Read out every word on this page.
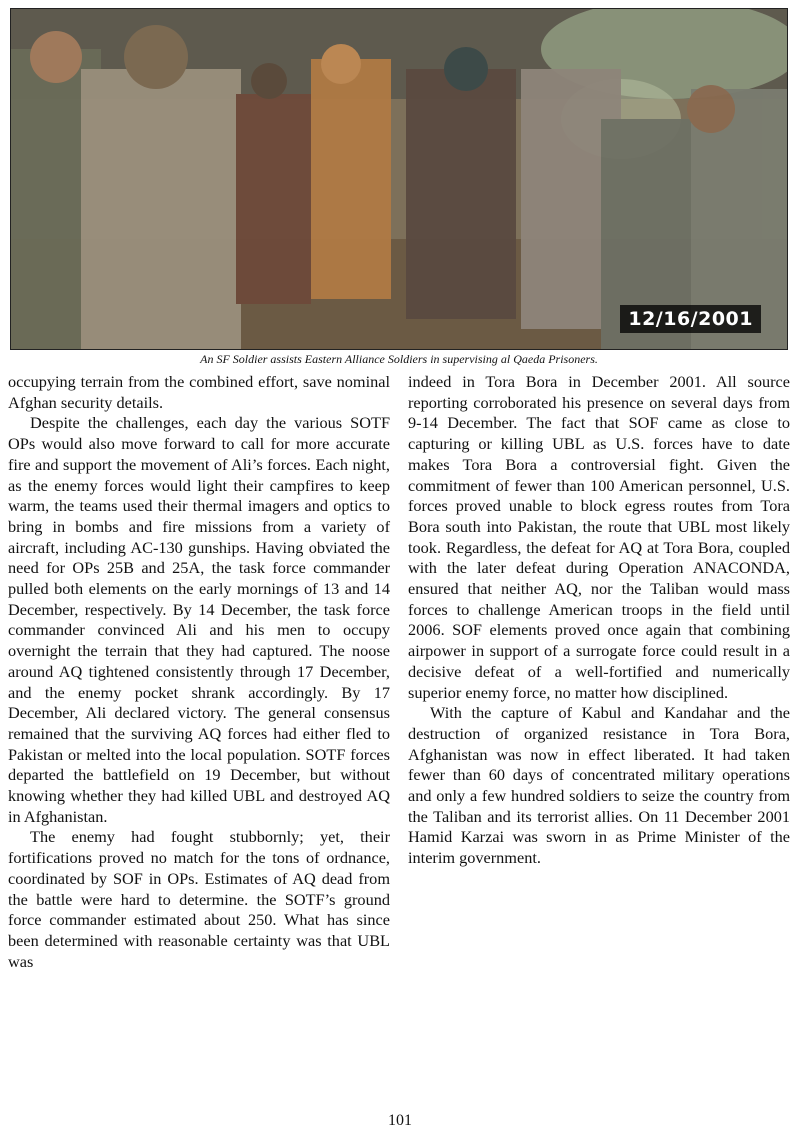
12/16/2001
An SF Soldier assists Eastern Alliance Soldiers in supervising al Qaeda Prisoners.

occupying terrain from the combined effort, save nominal Afghan security details.

Despite the challenges, each day the various SOTF OPs would also move forward to call for more accurate fire and support the movement of Ali’s forces. Each night, as the enemy forces would light their campfires to keep warm, the teams used their thermal imagers and optics to bring in bombs and fire missions from a variety of aircraft, including AC-130 gunships. Having obviated the need for OPs 25B and 25A, the task force commander pulled both elements on the early mornings of 13 and 14 December, respectively. By 14 December, the task force commander convinced Ali and his men to occupy overnight the terrain that they had captured. The noose around AQ tightened consistently through 17 December, and the enemy pocket shrank accordingly. By 17 December, Ali declared victory. The general consensus remained that the surviving AQ forces had either fled to Pakistan or melted into the local population. SOTF forces departed the battlefield on 19 December, but without knowing whether they had killed UBL and destroyed AQ in Afghanistan.

The enemy had fought stubbornly; yet, their fortifications proved no match for the tons of ordnance, coordinated by SOF in OPs. Estimates of AQ dead from the battle were hard to determine. the SOTF’s ground force commander estimated about 250. What has since been determined with reasonable certainty was that UBL was

indeed in Tora Bora in December 2001. All source reporting corroborated his presence on several days from 9-14 December. The fact that SOF came as close to capturing or killing UBL as U.S. forces have to date makes Tora Bora a controversial fight. Given the commitment of fewer than 100 American personnel, U.S. forces proved unable to block egress routes from Tora Bora south into Pakistan, the route that UBL most likely took. Regardless, the defeat for AQ at Tora Bora, coupled with the later defeat during Operation ANACONDA, ensured that neither AQ, nor the Taliban would mass forces to challenge American troops in the field until 2006. SOF elements proved once again that combining airpower in support of a surrogate force could result in a decisive defeat of a well-fortified and numerically superior enemy force, no matter how disciplined.

With the capture of Kabul and Kandahar and the destruction of organized resistance in Tora Bora, Afghanistan was now in effect liberated. It had taken fewer than 60 days of concentrated military operations and only a few hundred soldiers to seize the country from the Taliban and its terrorist allies. On 11 December 2001 Hamid Karzai was sworn in as Prime Minister of the interim government.

101
